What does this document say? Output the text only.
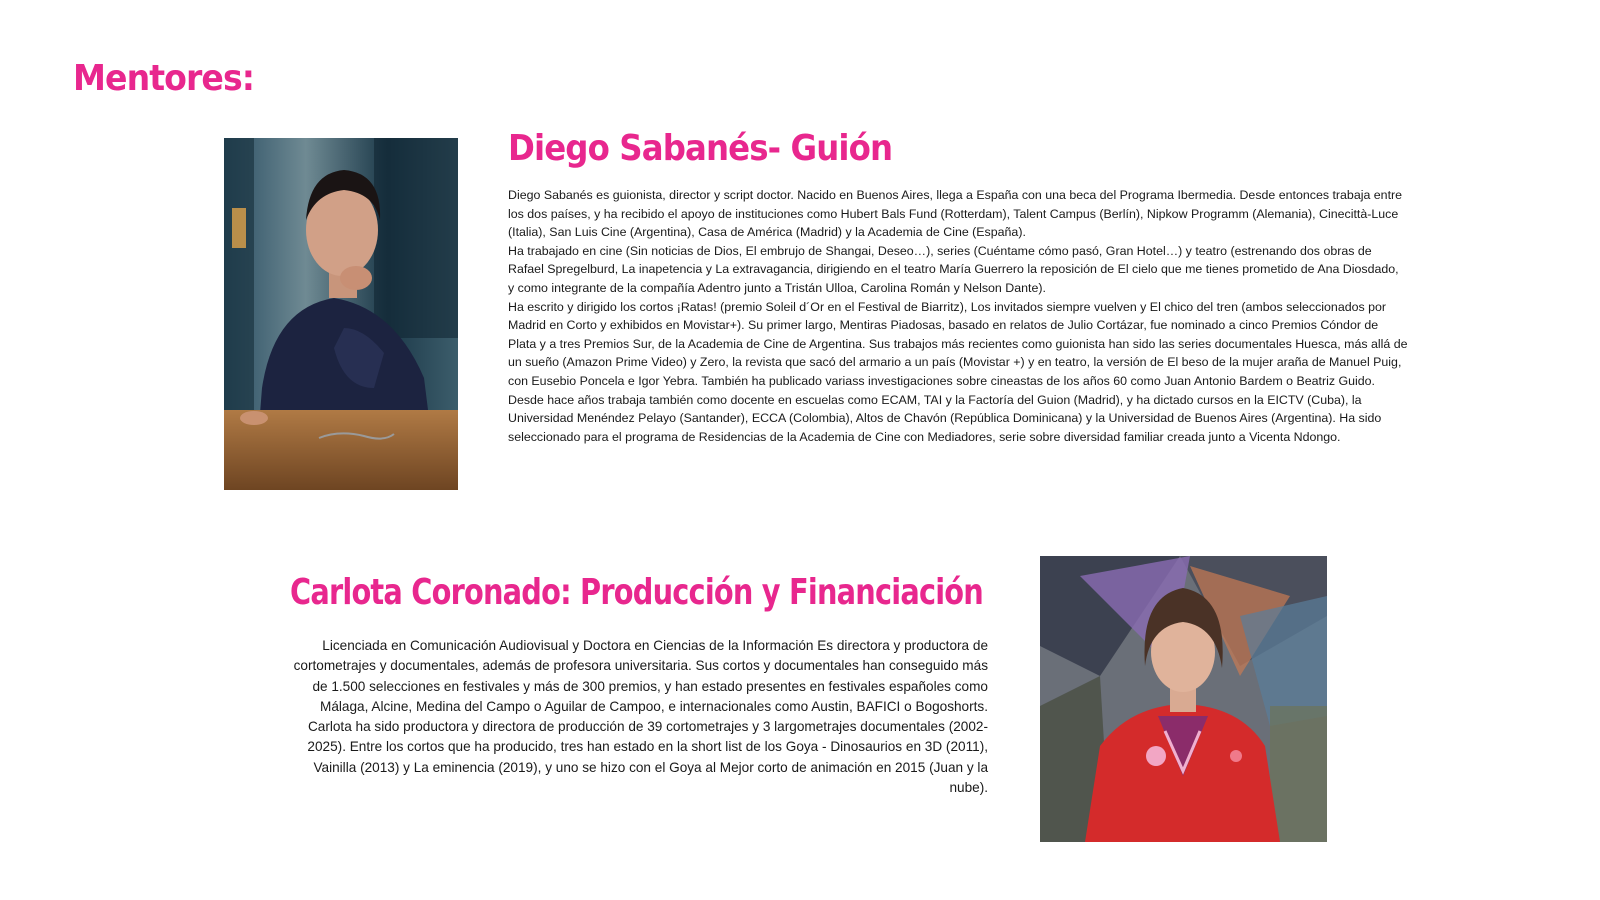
Mentores:
Diego Sabanés- Guión

Diego Sabanés es guionista, director y script doctor. Nacido en Buenos Aires, llega a España con una beca del Programa Ibermedia. Desde entonces trabaja entre los dos países, y ha recibido el apoyo de instituciones como Hubert Bals Fund (Rotterdam), Talent Campus (Berlín), Nipkow Programm (Alemania), Cinecittà-Luce (Italia), San Luis Cine (Argentina), Casa de América (Madrid) y la Academia de Cine (España).

Ha trabajado en cine (Sin noticias de Dios, El embrujo de Shangai, Deseo…), series (Cuéntame cómo pasó, Gran Hotel…) y teatro (estrenando dos obras de Rafael Spregelburd, La inapetencia y La extravagancia, dirigiendo en el teatro María Guerrero la reposición de El cielo que me tienes prometido de Ana Diosdado, y como integrante de la compañía Adentro junto a Tristán Ulloa, Carolina Román y Nelson Dante).

Ha escrito y dirigido los cortos ¡Ratas! (premio Soleil d´Or en el Festival de Biarritz), Los invitados siempre vuelven y El chico del tren (ambos seleccionados por Madrid en Corto y exhibidos en Movistar+). Su primer largo, Mentiras Piadosas, basado en relatos de Julio Cortázar, fue nominado a cinco Premios Cóndor de Plata y a tres Premios Sur, de la Academia de Cine de Argentina. Sus trabajos más recientes como guionista han sido las series documentales Huesca, más allá de un sueño (Amazon Prime Video) y Zero, la revista que sacó del armario a un país (Movistar +) y en teatro, la versión de El beso de la mujer araña de Manuel Puig, con Eusebio Poncela e Igor Yebra. También ha publicado variass investigaciones sobre cineastas de los años 60 como Juan Antonio Bardem o Beatriz Guido.

Desde hace años trabaja también como docente en escuelas como ECAM, TAI y la Factoría del Guion (Madrid), y ha dictado cursos en la EICTV (Cuba), la Universidad Menéndez Pelayo (Santander), ECCA (Colombia), Altos de Chavón (República Dominicana) y la Universidad de Buenos Aires (Argentina). Ha sido seleccionado para el programa de Residencias de la Academia de Cine con Mediadores, serie sobre diversidad familiar creada junto a Vicenta Ndongo.

Carlota Coronado: Producción y Financiación

Licenciada en Comunicación Audiovisual y Doctora en Ciencias de la Información Es directora y productora de cortometrajes y documentales, además de profesora universitaria. Sus cortos y documentales han conseguido más de 1.500 selecciones en festivales y más de 300 premios, y han estado presentes en festivales españoles como Málaga, Alcine, Medina del Campo o Aguilar de Campoo, e internacionales como Austin, BAFICI o Bogoshorts. Carlota ha sido productora y directora de producción de 39 cortometrajes y 3 largometrajes documentales (2002-2025). Entre los cortos que ha producido, tres han estado en la short list de los Goya - Dinosaurios en 3D (2011), Vainilla (2013) y La eminencia (2019), y uno se hizo con el Goya al Mejor corto de animación en 2015 (Juan y la nube).
